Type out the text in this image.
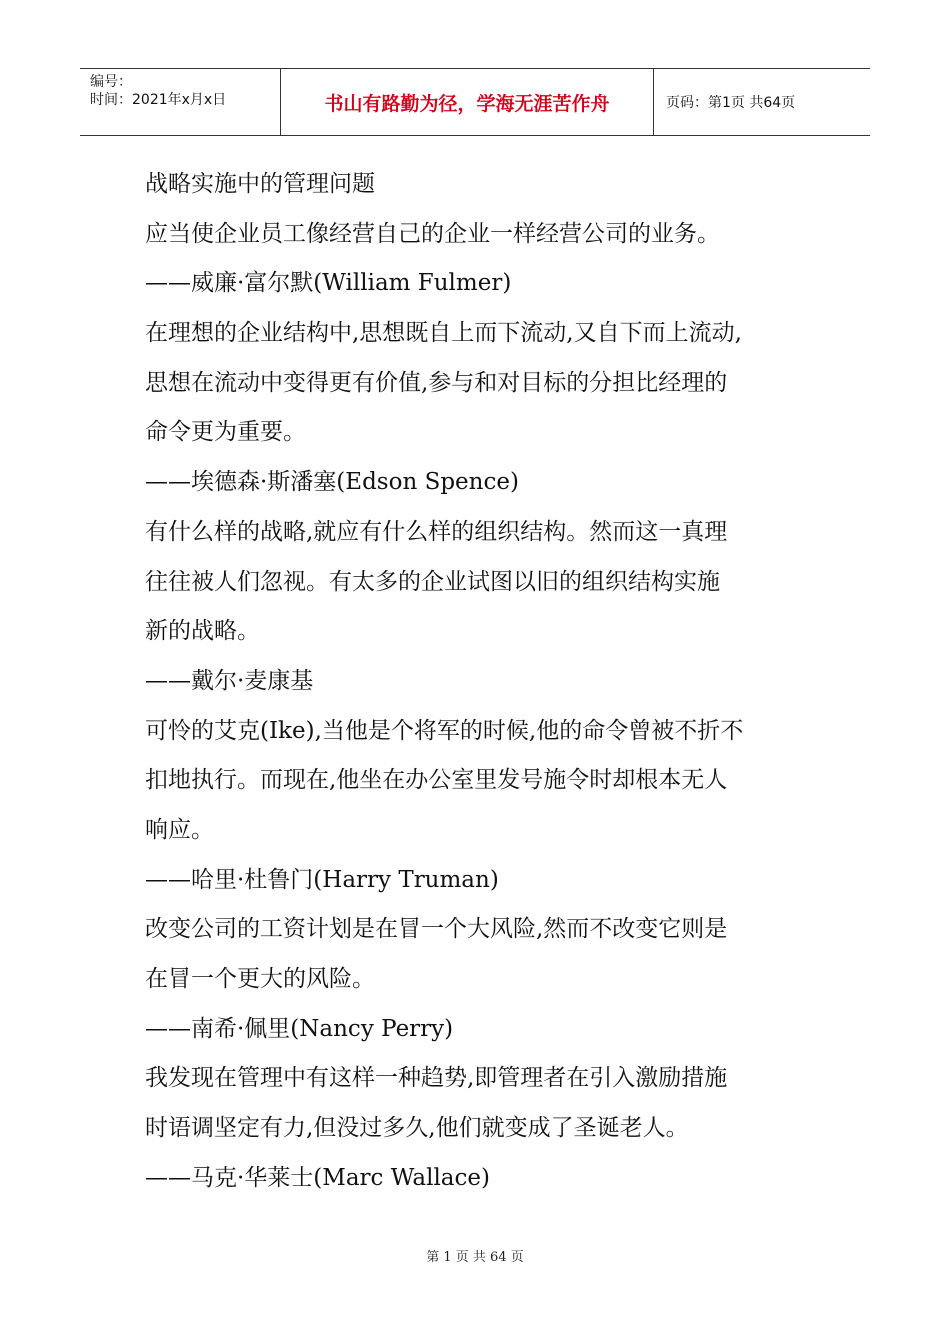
编号：
时间：2021年x月x日	书山有路勤为径，学海无涯苦作舟	页码：第1页 共64页
战略实施中的管理问题
应当使企业员工像经营自己的企业一样经营公司的业务。
——威廉·富尔默(William Fulmer)
在理想的企业结构中,思想既自上而下流动,又自下而上流动,
思想在流动中变得更有价值,参与和对目标的分担比经理的
命令更为重要。
——埃德森·斯潘塞(Edson Spence)
有什么样的战略,就应有什么样的组织结构。然而这一真理
往往被人们忽视。有太多的企业试图以旧的组织结构实施
新的战略。
——戴尔·麦康基
可怜的艾克(Ike),当他是个将军的时候,他的命令曾被不折不
扣地执行。而现在,他坐在办公室里发号施令时却根本无人
响应。
——哈里·杜鲁门(Harry Truman)
改变公司的工资计划是在冒一个大风险,然而不改变它则是
在冒一个更大的风险。
——南希·佩里(Nancy Perry)
我发现在管理中有这样一种趋势,即管理者在引入激励措施
时语调坚定有力,但没过多久,他们就变成了圣诞老人。
——马克·华莱士(Marc Wallace)
第 1 页 共 64 页
